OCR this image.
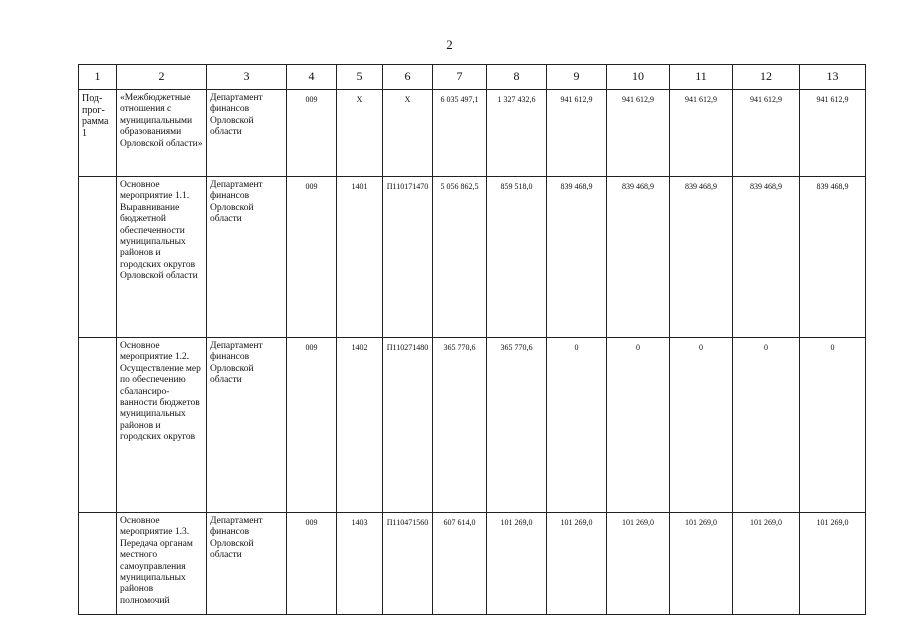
2
1	2	3	4	5	6	7	8	9	10	11	12	13
Под-
прог-
рамма
1	«Межбюджетные отношения с муниципальными образованиями Орловской области»	Департамент финансов Орловской области	009	X	X	6 035 497,1	1 327 432,6	941 612,9	941 612,9	941 612,9	941 612,9	941 612,9
	Основное мероприятие 1.1. Выравнивание бюджетной обеспеченности муниципальных районов и городских округов Орловской области	Департамент финансов Орловской области	009	1401	П110171470	5 056 862,5	859 518,0	839 468,9	839 468,9	839 468,9	839 468,9	839 468,9
	Основное мероприятие 1.2. Осуществление мер
по обеспечению сбалансиро-ванности бюджетов муниципальных районов и городских округов	Департамент финансов Орловской области	009	1402	П110271480	365 770,6	365 770,6	0	0	0	0	0
	Основное мероприятие 1.3. Передача органам местного самоуправления муниципальных районов полномочий	Департамент финансов Орловской области	009	1403	П110471560	607 614,0	101 269,0	101 269,0	101 269,0	101 269,0	101 269,0	101 269,0
